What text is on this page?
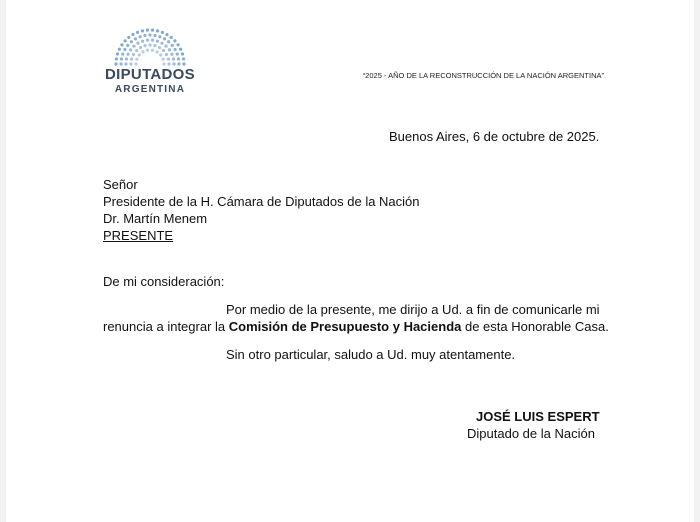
DIPUTADOS
ARGENTINA
“2025 - AÑO DE LA RECONSTRUCCIÓN DE LA NACIÓN ARGENTINA”
Buenos Aires, 6 de octubre de 2025.
Señor
Presidente de la H. Cámara de Diputados de la Nación
Dr. Martín Menem
PRESENTE
De mi consideración:
Por medio de la presente, me dirijo a Ud. a fin de comunicarle mi
renuncia a integrar la Comisión de Presupuesto y Hacienda de esta Honorable Casa.
Sin otro particular, saludo a Ud. muy atentamente.
JOSÉ LUIS ESPERT
Diputado de la Nación
